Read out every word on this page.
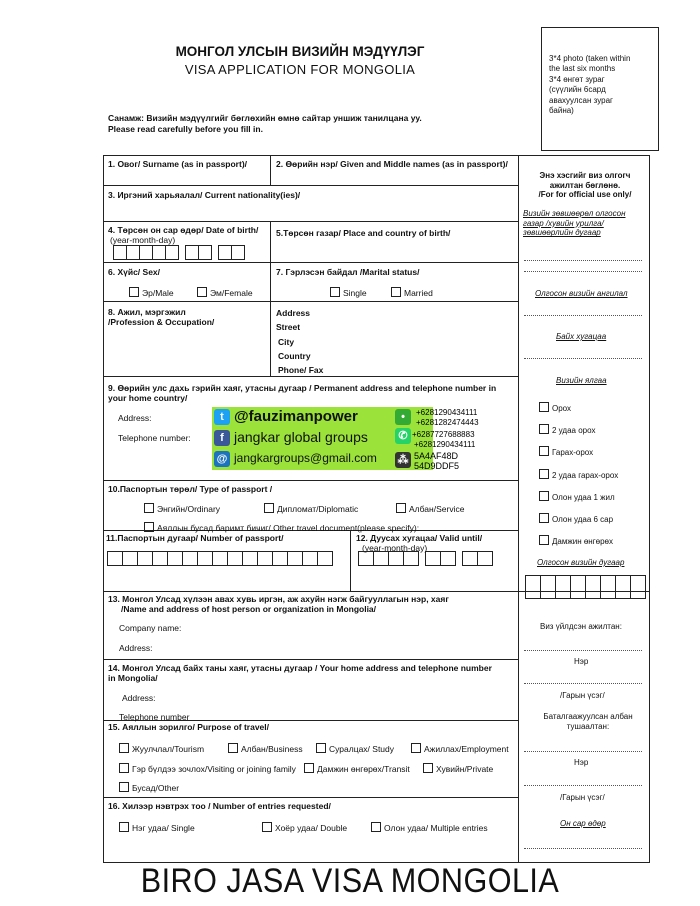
МОНГОЛ УЛСЫН ВИЗИЙН МЭДҮҮЛЭГ
VISA APPLICATION FOR MONGOLIA
Санамж: Визийн мэдүүлгийг бөглөхийн өмнө сайтар уншиж танилцана уу.
Please read carefully before you fill in.
3*4 photo (taken within
the last six months
3*4 өнгөт зураг
(сүүлийн 6сард
авахуулсан зураг
байна)
1. Овог/ Surname (as in passport)/	2. Өөрийн нэр/ Given and Middle names (as in passport)/
3. Иргэний харьяалал/ Current nationality(ies)/
4. Төрсөн он сар өдөр/ Date of birth/
(year-month-day)
5.Төрсөн газар/ Place and country of birth/
6. Хүйс/ Sex/
Эр/Male	Эм/Female
7. Гэрлэсэн байдал /Marital status/
Single	Married
8. Ажил, мэргэжил
/Profession & Occupation/
Address
Street
City
Country
Phone/ Fax
9. Өөрийн улс дахь гэрийн хаяг, утасны дугаар / Permanent address and telephone number in
your home country/
Address:
Telephone number:
t @fauzimanpower
f jangkar global groups
@ jangkargroups@gmail.com
•
✆
⁂
+6281290434111
+6281282474443
+6287727688883
+6281290434111
5A4AF48D
54D9DDF5
10.Паспортын төрөл/ Type of passport /
Энгийн/Ordinary	Дипломат/Diplomatic	Албан/Service
Аяллын бусад баримт бичиг/ Other travel document(please specify):
11.Паспортын дугаар/ Number of passport/	12. Дуусах хугацаа/ Valid until/
(year-month-day)
13. Монгол Улсад хүлээн авах хувь иргэн, аж ахуйн нэгж байгууллагын нэр, хаяг
/Name and address of host person or organization in Mongolia/
Company name:
Address:
14. Монгол Улсад байх таны хаяг, утасны дугаар / Your home address and telephone number
in Mongolia/
Address:
Telephone number
15. Аяллын зорилго/ Purpose of travel/
Жуулчлал/Tourism	Албан/Business	Суралцах/ Study	Ажиллах/Employment
Гэр бүлдээ зочлох/Visiting or joining family	Дамжин өнгөрөх/Transit	Хувийн/Private
Бусад/Other
16. Хилээр нэвтрэх тоо / Number of entries requested/
Нэг удаа/ Single	Хоёр удаа/ Double	Олон удаа/ Multiple entries
Энэ хэсгийг виз олгогч
ажилтан бөглөнө.
/For for official use only/
Визийн зөвшөөрөл олгосон
газар /хувийн урилга/
зөвшөөрлийн дугаар
Олгосон визийн ангилал
Байх хугацаа
Визийн ялгаа
Орох
2 удаа орох
Гарах-орох
2 удаа гарах-орох
Олон удаа 1 жил
Олон удаа 6 сар
Дамжин өнгөрөх
Олгосон визийн дугаар
Виз үйлдсэн ажилтан:
Нэр
/Гарын үсэг/
Баталгаажуулсан албан
тушаалтан:
Нэр
/Гарын үсэг/
Он сар өдөр
BIRO JASA VISA MONGOLIA
